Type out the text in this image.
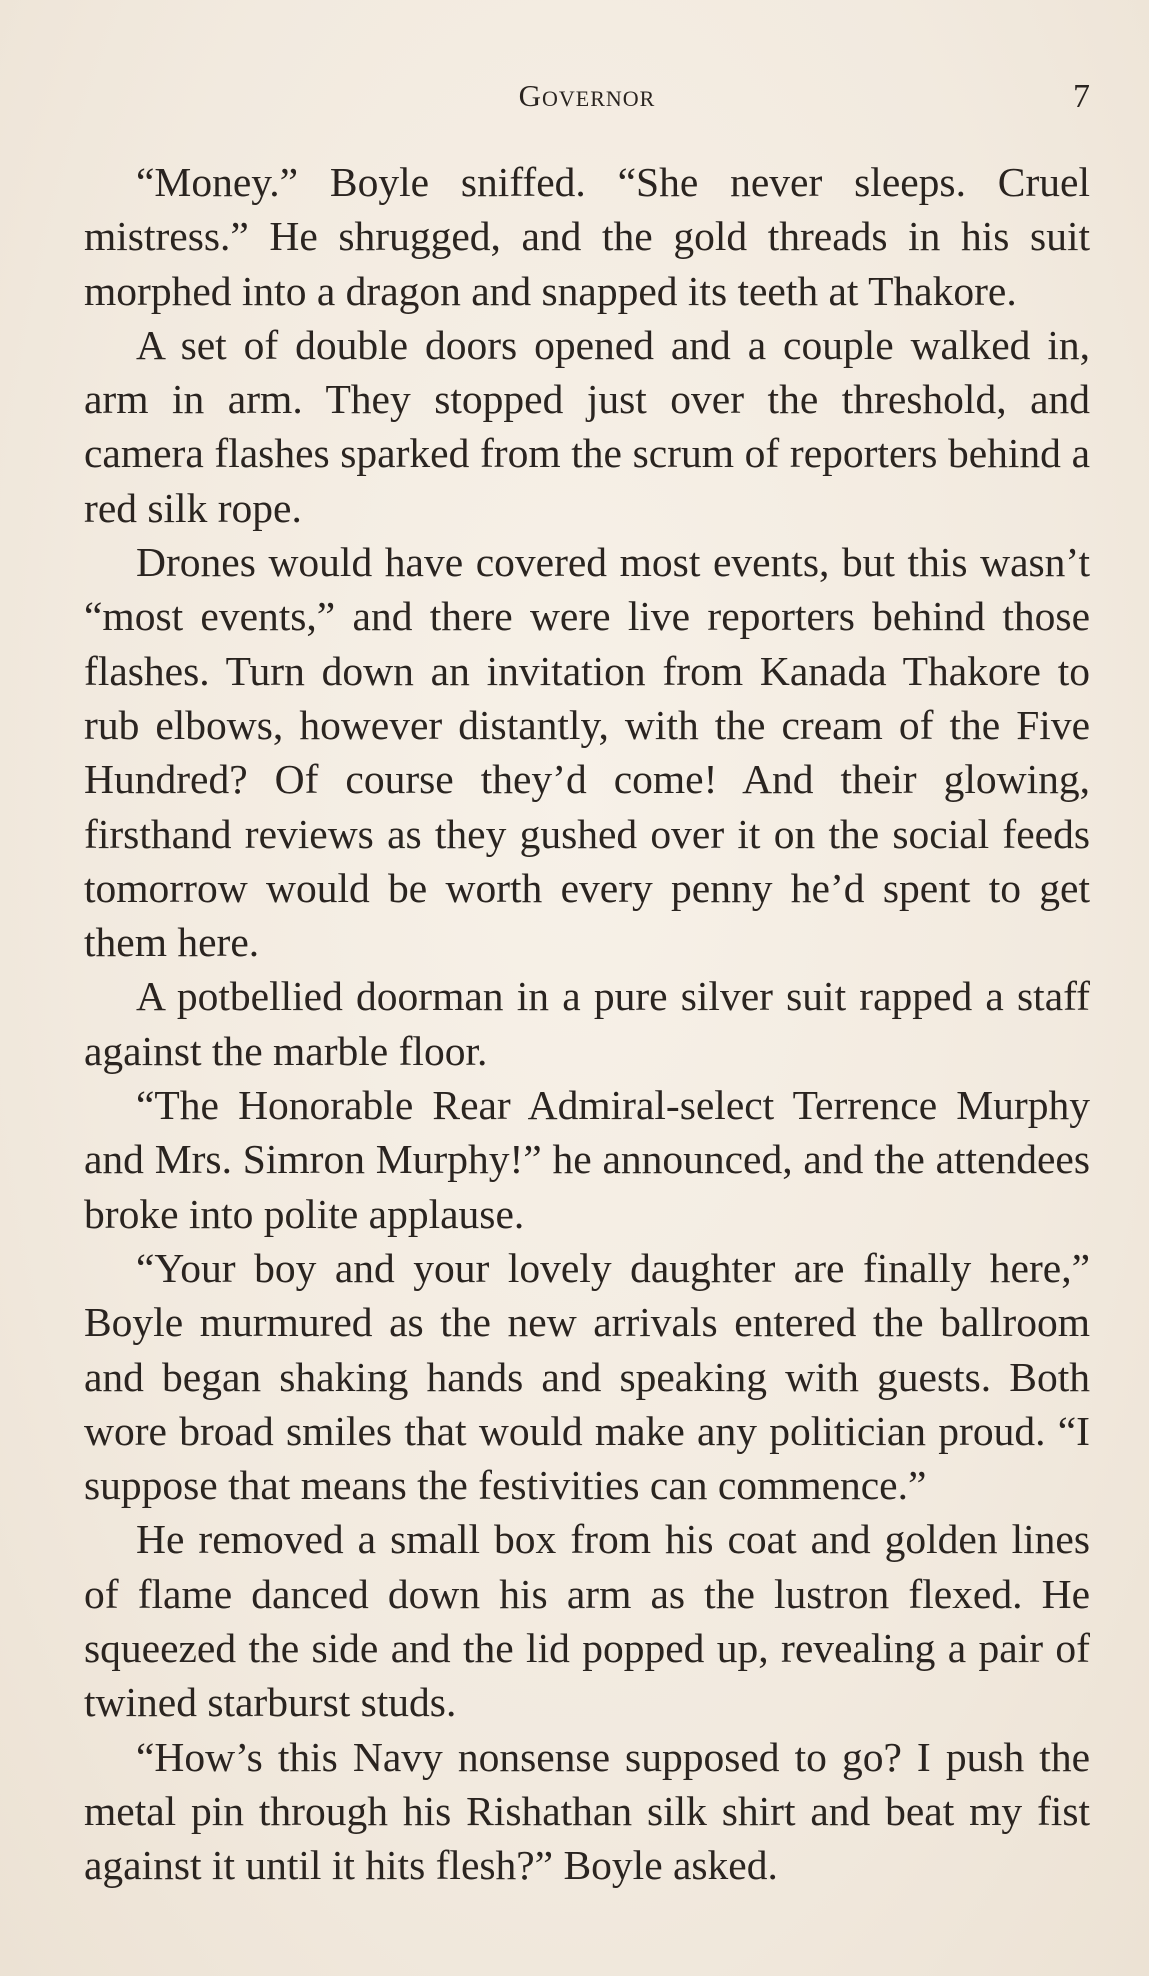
Governor	7

“Money.” Boyle sniffed. “She never sleeps. Cruel mistress.” He shrugged, and the gold threads in his suit morphed into a dragon and snapped its teeth at Thakore.

A set of double doors opened and a couple walked in, arm in arm. They stopped just over the threshold, and camera flashes sparked from the scrum of reporters behind a red silk rope.

Drones would have covered most events, but this wasn’t “most events,” and there were live reporters behind those flashes. Turn down an invitation from Kanada Thakore to rub elbows, however distantly, with the cream of the Five Hundred? Of course they’d come! And their glowing, firsthand reviews as they gushed over it on the social feeds tomorrow would be worth every penny he’d spent to get them here.

A potbellied doorman in a pure silver suit rapped a staff against the marble floor.

“The Honorable Rear Admiral-select Terrence Murphy and Mrs. Simron Murphy!” he announced, and the attendees broke into polite applause.

“Your boy and your lovely daughter are finally here,” Boyle murmured as the new arrivals entered the ballroom and began shaking hands and speaking with guests. Both wore broad smiles that would make any politician proud. “I suppose that means the festivities can commence.”

He removed a small box from his coat and golden lines of flame danced down his arm as the lustron flexed. He squeezed the side and the lid popped up, revealing a pair of twined starburst studs.

“How’s this Navy nonsense supposed to go? I push the metal pin through his Rishathan silk shirt and beat my fist against it until it hits flesh?” Boyle asked.
